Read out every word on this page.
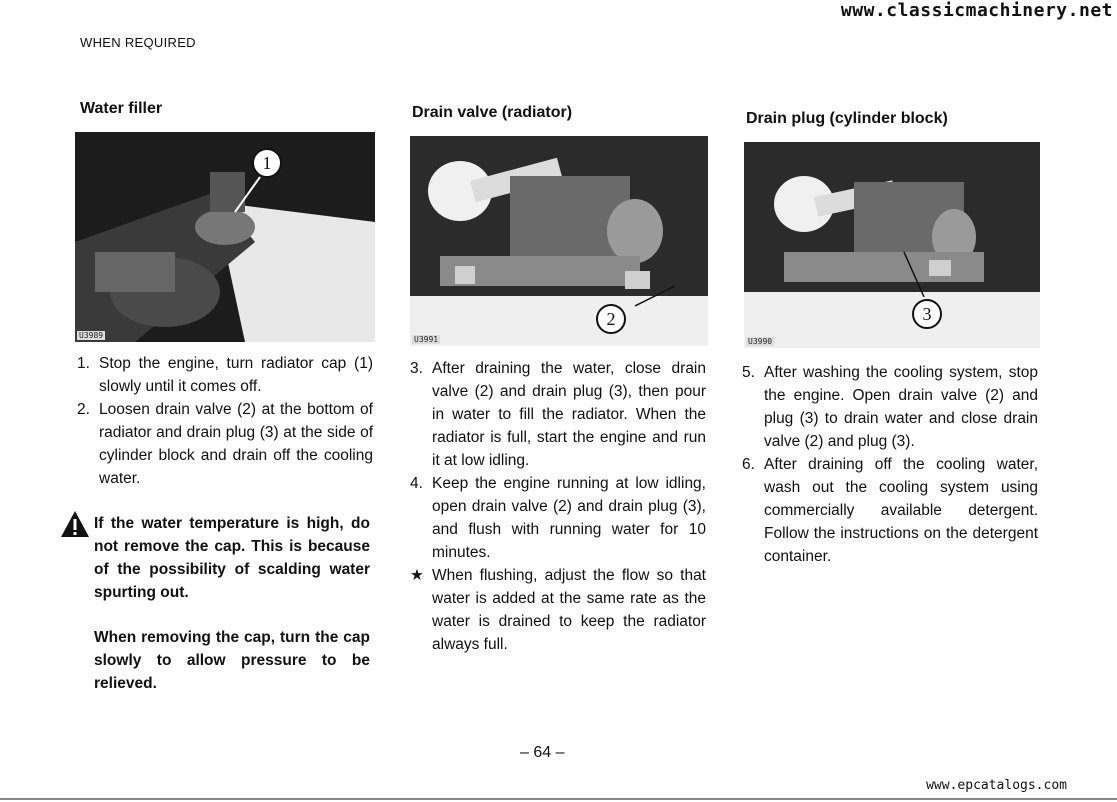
www.classicmachinery.net
WHEN REQUIRED
Water filler
1
U3989
1. Stop the engine, turn radiator cap (1) slowly until it comes off.
2. Loosen drain valve (2) at the bottom of radiator and drain plug (3) at the side of cylinder block and drain off the cooling water.
If the water temperature is high, do not remove the cap. This is because of the possibility of scalding water spurting out.
When removing the cap, turn the cap slowly to allow pressure to be relieved.
Drain valve (radiator)
2
U3991
3. After draining the water, close drain valve (2) and drain plug (3), then pour in water to fill the radiator. When the radiator is full, start the engine and run it at low idling.
4. Keep the engine running at low idling, open drain valve (2) and drain plug (3), and flush with running water for 10 minutes.
★ When flushing, adjust the flow so that water is added at the same rate as the water is drained to keep the radiator always full.
Drain plug (cylinder block)
3
U3990
5. After washing the cooling system, stop the engine. Open drain valve (2) and plug (3) to drain water and close drain valve (2) and plug (3).
6. After draining off the cooling water, wash out the cooling system using commercially available detergent. Follow the instructions on the detergent container.
– 64 –
www.epcatalogs.com
